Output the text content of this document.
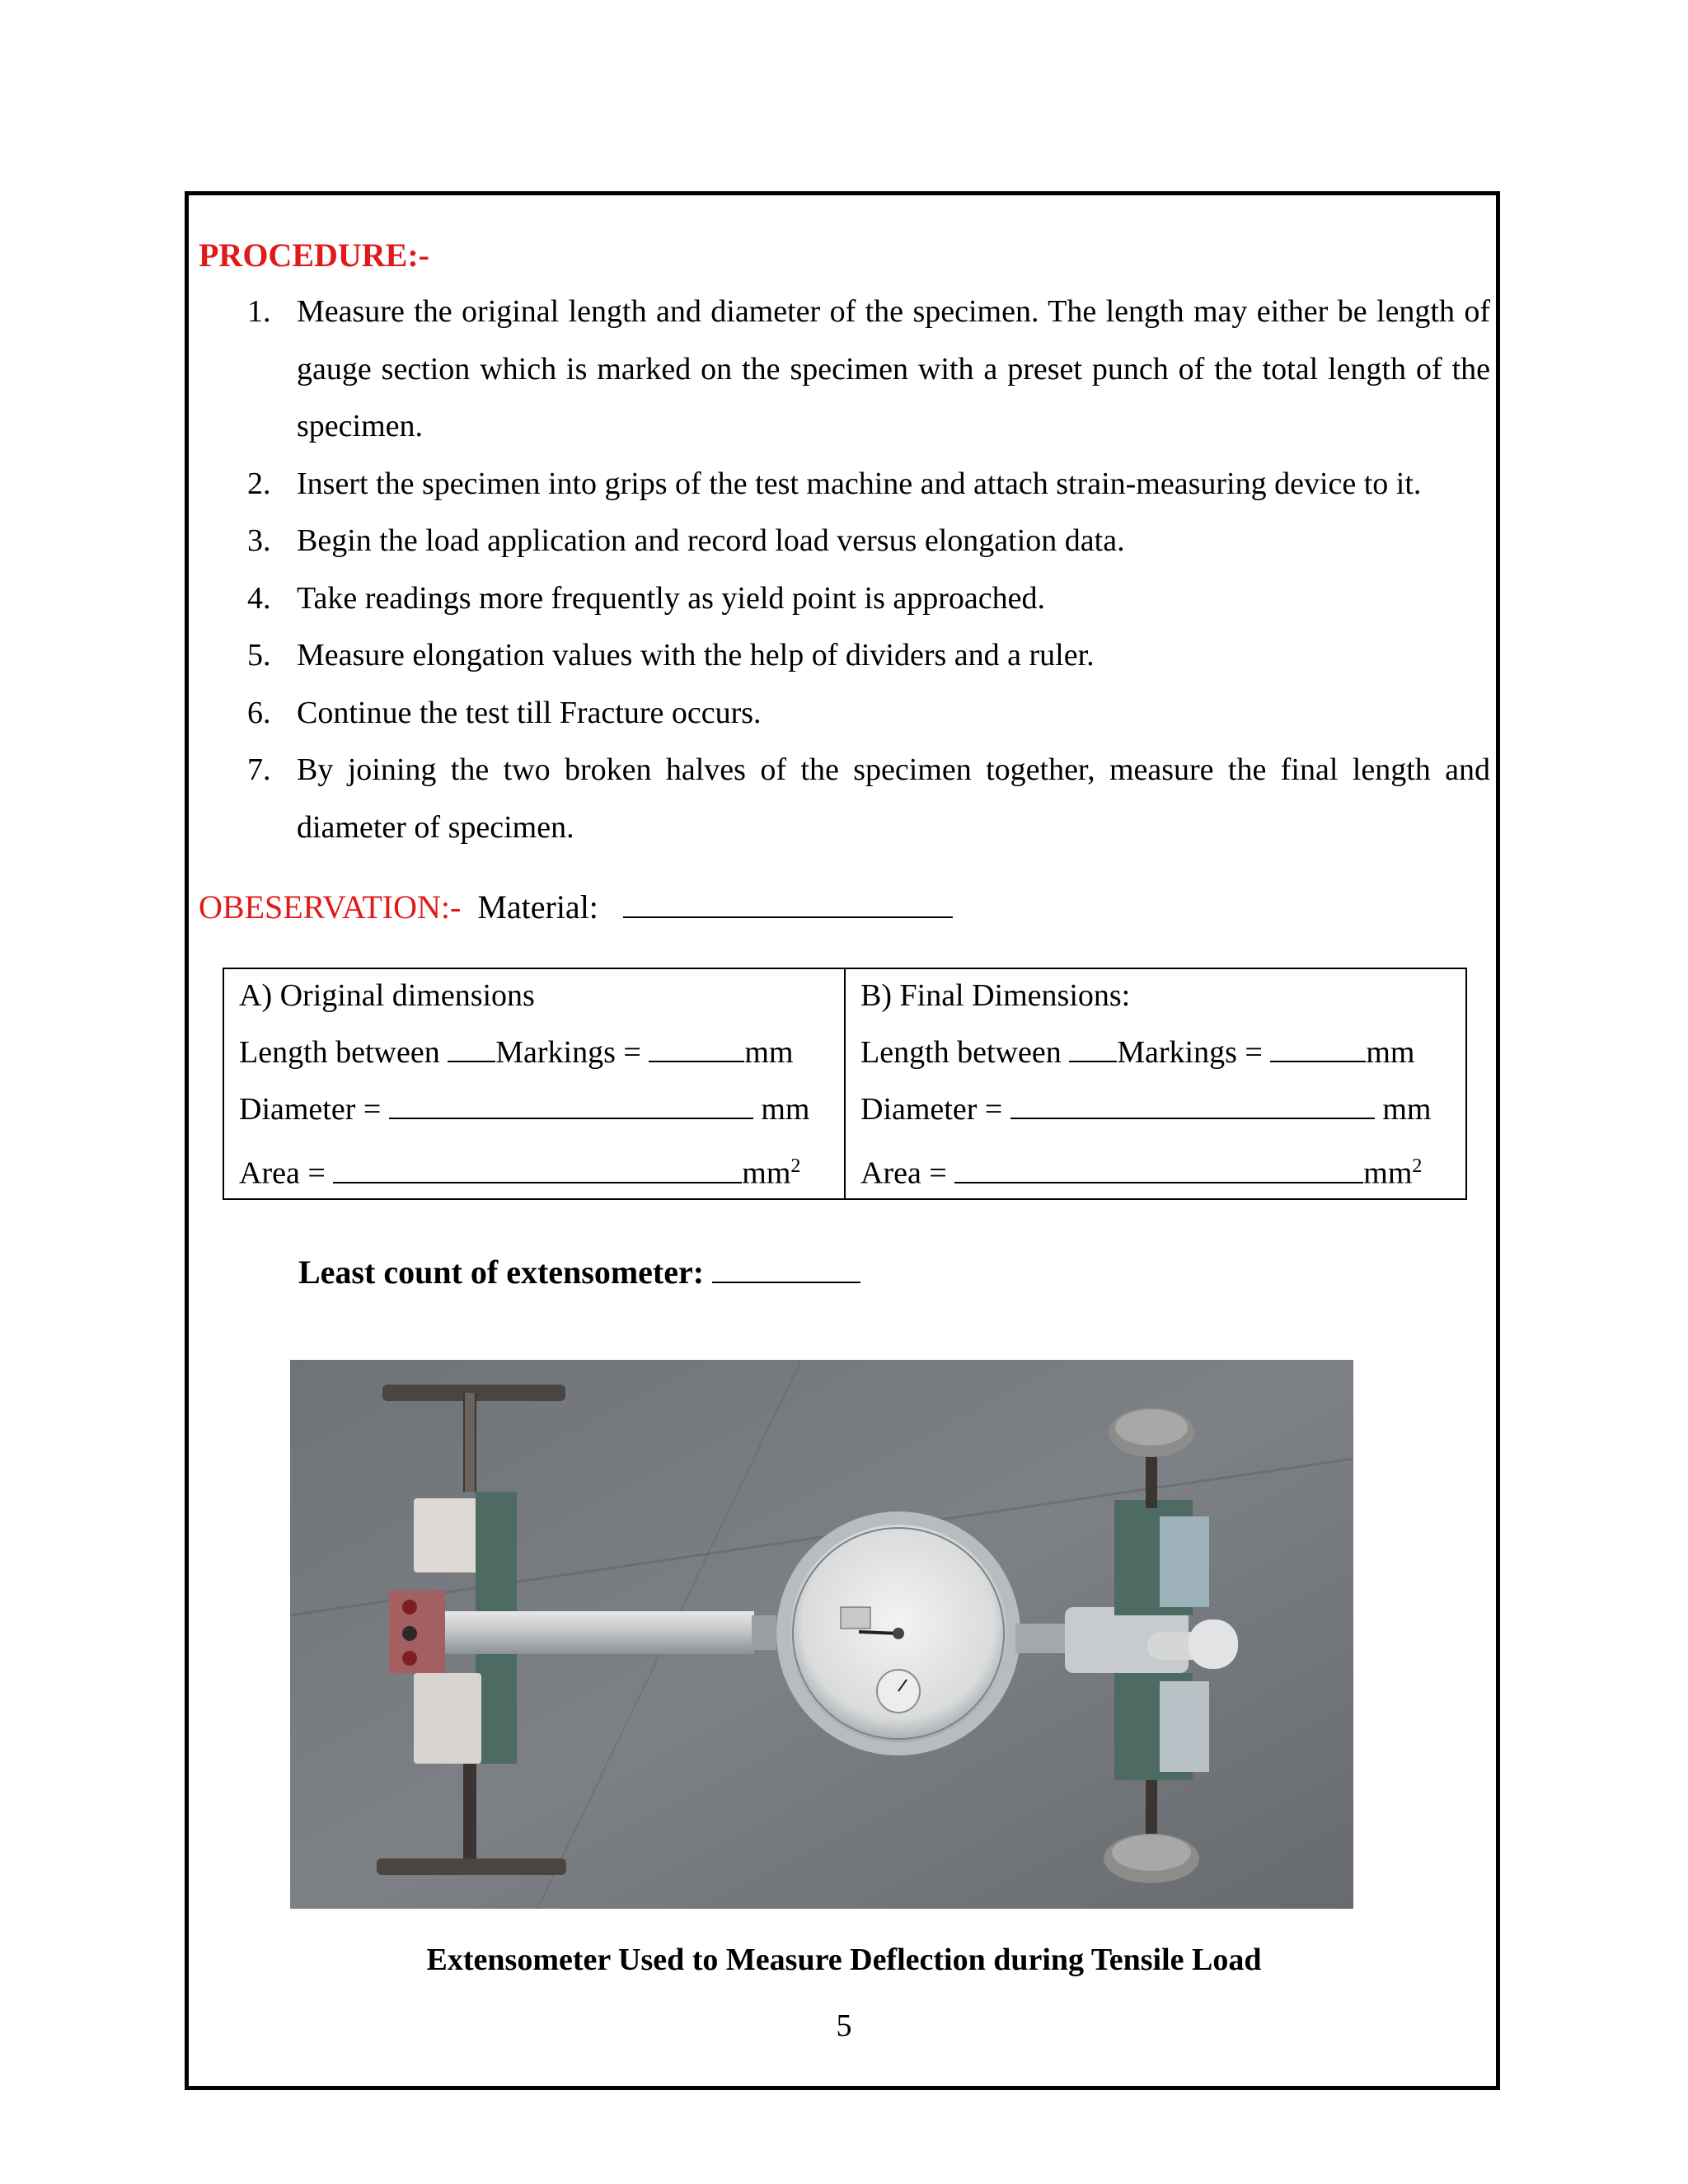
PROCEDURE:-
1. Measure the original length and diameter of the specimen. The length may either be length of gauge section which is marked on the specimen with a preset punch of the total length of the specimen.
2. Insert the specimen into grips of the test machine and attach strain-measuring device to it.
3. Begin the load application and record load versus elongation data.
4. Take readings more frequently as yield point is approached.
5. Measure elongation values with the help of dividers and a ruler.
6. Continue the test till Fracture occurs.
7. By joining the two broken halves of the specimen together, measure the final length and diameter of specimen.
OBESERVATION:- Material:
A) Original dimensions
Length between Markings =	mm
Diameter =	mm
Area =	$mm^2$

B) Final Dimensions:
Length between Markings =	mm
Diameter =	mm
Area =	$mm^2$
Least count of extensometer:
Extensometer Used to Measure Deflection during Tensile Load
5
